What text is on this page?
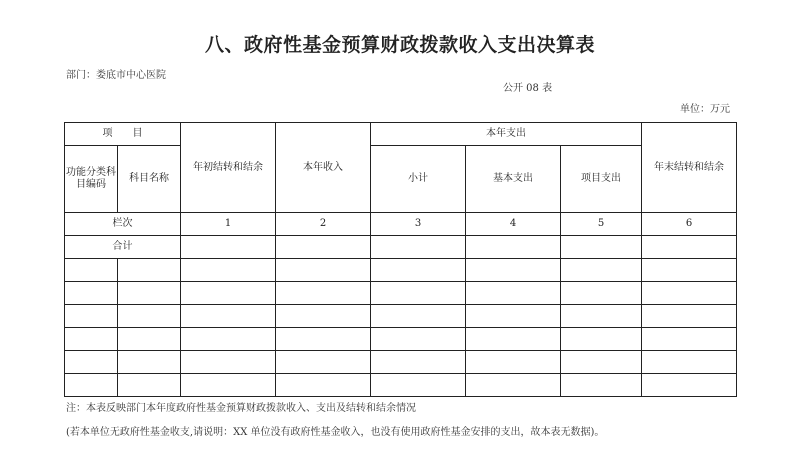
八、政府性基金预算财政拨款收入支出决算表
部门：娄底市中心医院
公开 08 表
单位：万元
项　　目		年初结转和结余	本年收入	本年支出			年末结转和结余
功能分类科目编码	科目名称			小计	基本支出	项目支出	
栏次		1	2	3	4	5	6
合计							

注：本表反映部门本年度政府性基金预算财政拨款收入、支出及结转和结余情况
(若本单位无政府性基金收支,请说明：XX 单位没有政府性基金收入，也没有使用政府性基金安排的支出，故本表无数据)。
